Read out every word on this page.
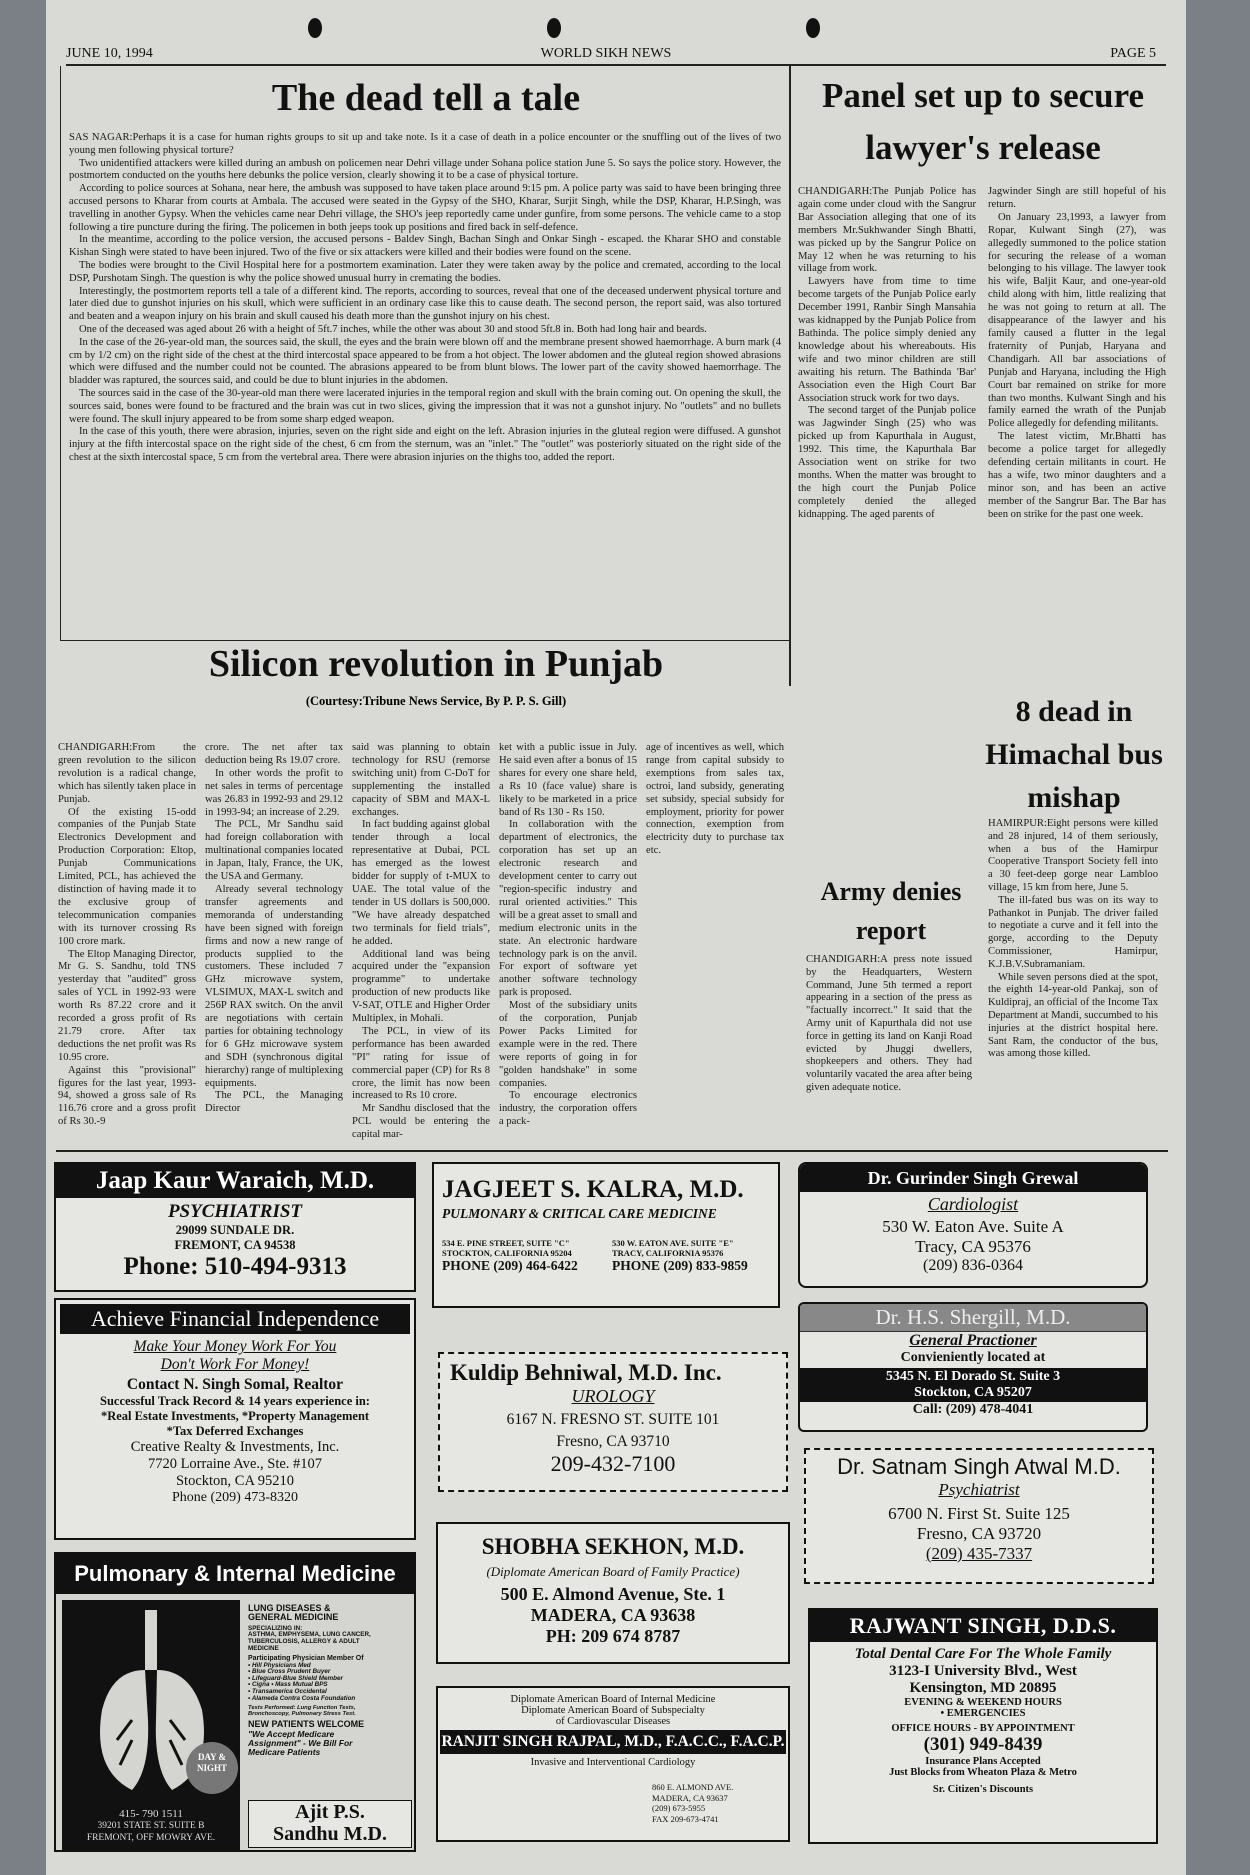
JUNE 10, 1994	WORLD SIKH NEWS	PAGE 5
The dead tell a tale

SAS NAGAR:Perhaps it is a case for human rights groups to sit up and take note. Is it a case of death in a police encounter or the snuffling out of the lives of two young men following physical torture?

Two unidentified attackers were killed during an ambush on policemen near Dehri village under Sohana police station June 5. So says the police story. However, the postmortem conducted on the youths here debunks the police version, clearly showing it to be a case of physical torture.

According to police sources at Sohana, near here, the ambush was supposed to have taken place around 9:15 pm. A police party was said to have been bringing three accused persons to Kharar from courts at Ambala. The accused were seated in the Gypsy of the SHO, Kharar, Surjit Singh, while the DSP, Kharar, H.P.Singh, was travelling in another Gypsy. When the vehicles came near Dehri village, the SHO's jeep reportedly came under gunfire, from some persons. The vehicle came to a stop following a tire puncture during the firing. The policemen in both jeeps took up positions and fired back in self-defence.

In the meantime, according to the police version, the accused persons - Baldev Singh, Bachan Singh and Onkar Singh - escaped. the Kharar SHO and constable Kishan Singh were stated to have been injured. Two of the five or six attackers were killed and their bodies were found on the scene.

The bodies were brought to the Civil Hospital here for a postmortem examination. Later they were taken away by the police and cremated, according to the local DSP, Purshotam Singh. The question is why the police showed unusual hurry in cremating the bodies.

Interestingly, the postmortem reports tell a tale of a different kind. The reports, according to sources, reveal that one of the deceased underwent physical torture and later died due to gunshot injuries on his skull, which were sufficient in an ordinary case like this to cause death. The second person, the report said, was also tortured and beaten and a weapon injury on his brain and skull caused his death more than the gunshot injury on his chest.

One of the deceased was aged about 26 with a height of 5ft.7 inches, while the other was about 30 and stood 5ft.8 in. Both had long hair and beards.

In the case of the 26-year-old man, the sources said, the skull, the eyes and the brain were blown off and the membrane present showed haemorrhage. A burn mark (4 cm by 1/2 cm) on the right side of the chest at the third intercostal space appeared to be from a hot object. The lower abdomen and the gluteal region showed abrasions which were diffused and the number could not be counted. The abrasions appeared to be from blunt blows. The lower part of the cavity showed haemorrhage. The bladder was raptured, the sources said, and could be due to blunt injuries in the abdomen.

The sources said in the case of the 30-year-old man there were lacerated injuries in the temporal region and skull with the brain coming out. On opening the skull, the sources said, bones were found to be fractured and the brain was cut in two slices, giving the impression that it was not a gunshot injury. No "outlets" and no bullets were found. The skull injury appeared to be from some sharp edged weapon.

In the case of this youth, there were abrasion, injuries, seven on the right side and eight on the left. Abrasion injuries in the gluteal region were diffused. A gunshot injury at the fifth intercostal space on the right side of the chest, 6 cm from the sternum, was an "inlet." The "outlet" was posteriorly situated on the right side of the chest at the sixth intercostal space, 5 cm from the vertebral area. There were abrasion injuries on the thighs too, added the report.

Panel set up to secure lawyer's release

CHANDIGARH:The Punjab Police has again come under cloud with the Sangrur Bar Association alleging that one of its members Mr.Sukhwander Singh Bhatti, was picked up by the Sangrur Police on May 12 when he was returning to his village from work.

Lawyers have from time to time become targets of the Punjab Police early December 1991, Ranbir Singh Mansahia was kidnapped by the Punjab Police from Bathinda. The police simply denied any knowledge about his whereabouts. His wife and two minor children are still awaiting his return. The Bathinda 'Bar' Association even the High Court Bar Association struck work for two days.

The second target of the Punjab police was Jagwinder Singh (25) who was picked up from Kapurthala in August, 1992. This time, the Kapurthala Bar Association went on strike for two months. When the matter was brought to the high court the Punjab Police completely denied the alleged kidnapping. The aged parents of

Jagwinder Singh are still hopeful of his return.

On January 23,1993, a lawyer from Ropar, Kulwant Singh (27), was allegedly summoned to the police station for securing the release of a woman belonging to his village. The lawyer took his wife, Baljit Kaur, and one-year-old child along with him, little realizing that he was not going to return at all. The disappearance of the lawyer and his family caused a flutter in the legal fraternity of Punjab, Haryana and Chandigarh. All bar associations of Punjab and Haryana, including the High Court bar remained on strike for more than two months. Kulwant Singh and his family earned the wrath of the Punjab Police allegedly for defending militants.

The latest victim, Mr.Bhatti has become a police target for allegedly defending certain militants in court. He has a wife, two minor daughters and a minor son, and has been an active member of the Sangrur Bar. The Bar has been on strike for the past one week.

Silicon revolution in Punjab
(Courtesy:Tribune News Service, By P. P. S. Gill)

CHANDIGARH:From the green revolution to the silicon revolution is a radical change, which has silently taken place in Punjab.

Of the existing 15-odd companies of the Punjab State Electronics Development and Production Corporation: Eltop, Punjab Communications Limited, PCL, has achieved the distinction of having made it to the exclusive group of telecommunication companies with its turnover crossing Rs 100 crore mark.

The Eltop Managing Director, Mr G. S. Sandhu, told TNS yesterday that "audited" gross sales of YCL in 1992-93 were worth Rs 87.22 crore and it recorded a gross profit of Rs 21.79 crore. After tax deductions the net profit was Rs 10.95 crore.

Against this "provisional" figures for the last year, 1993-94, showed a gross sale of Rs 116.76 crore and a gross profit of Rs 30.-9

crore. The net after tax deduction being Rs 19.07 crore.

In other words the profit to net sales in terms of percentage was 26.83 in 1992-93 and 29.12 in 1993-94; an increase of 2.29.

The PCL, Mr Sandhu said had foreign collaboration with multinational companies located in Japan, Italy, France, the UK, the USA and Germany.

Already several technology transfer agreements and memoranda of understanding have been signed with foreign firms and now a new range of products supplied to the customers. These included 7 GHz microwave system, VLSIMUX, MAX-L switch and 256P RAX switch. On the anvil are negotiations with certain parties for obtaining technology for 6 GHz microwave system and SDH (synchronous digital hierarchy) range of multiplexing equipments.

The PCL, the Managing Director

said was planning to obtain technology for RSU (remorse switching unit) from C-DoT for supplementing the installed capacity of SBM and MAX-L exchanges.

In fact budding against global tender through a local representative at Dubai, PCL has emerged as the lowest bidder for supply of t-MUX to UAE. The total value of the tender in US dollars is 500,000. "We have already despatched two terminals for field trials", he added.

Additional land was being acquired under the "expansion programme" to undertake production of new products like V-SAT, OTLE and Higher Order Multiplex, in Mohali.

The PCL, in view of its performance has been awarded "PI" rating for issue of commercial paper (CP) for Rs 8 crore, the limit has now been increased to Rs 10 crore.

Mr Sandhu disclosed that the PCL would be entering the capital mar-

ket with a public issue in July. He said even after a bonus of 15 shares for every one share held, a Rs 10 (face value) share is likely to be marketed in a price band of Rs 130 - Rs 150.

In collaboration with the department of electronics, the corporation has set up an electronic research and development center to carry out "region-specific industry and rural oriented activities." This will be a great asset to small and medium electronic units in the state. An electronic hardware technology park is on the anvil. For export of software yet another software technology park is proposed.

Most of the subsidiary units of the corporation, Punjab Power Packs Limited for example were in the red. There were reports of going in for "golden handshake" in some companies.

To encourage electronics industry, the corporation offers a pack-

age of incentives as well, which range from capital subsidy to exemptions from sales tax, octroi, land subsidy, generating set subsidy, special subsidy for employment, priority for power connection, exemption from electricity duty to purchase tax etc.

Army denies report

CHANDIGARH:A press note issued by the Headquarters, Western Command, June 5th termed a report appearing in a section of the press as "factually incorrect." It said that the Army unit of Kapurthala did not use force in getting its land on Kanji Road evicted by Jhuggi dwellers, shopkeepers and others. They had voluntarily vacated the area after being given adequate notice.

8 dead in Himachal bus mishap

HAMIRPUR:Eight persons were killed and 28 injured, 14 of them seriously, when a bus of the Hamirpur Cooperative Transport Society fell into a 30 feet-deep gorge near Lambloo village, 15 km from here, June 5.

The ill-fated bus was on its way to Pathankot in Punjab. The driver failed to negotiate a curve and it fell into the gorge, according to the Deputy Commissioner, Hamirpur, K.J.B.V.Subramaniam.

While seven persons died at the spot, the eighth 14-year-old Pankaj, son of Kuldipraj, an official of the Income Tax Department at Mandi, succumbed to his injuries at the district hospital here. Sant Ram, the conductor of the bus, was among those killed.

Jaap Kaur Waraich, M.D.
PSYCHIATRIST
29099 SUNDALE DR.
FREMONT, CA 94538
Phone: 510-494-9313
JAGJEET S. KALRA, M.D.
PULMONARY & CRITICAL CARE MEDICINE
534 E. PINE STREET, SUITE "C"
STOCKTON, CALIFORNIA 95204
PHONE (209) 464-6422
530 W. EATON AVE. SUITE "E"
TRACY, CALIFORNIA 95376
PHONE (209) 833-9859
Dr. Gurinder Singh Grewal
Cardiologist
530 W. Eaton Ave. Suite A
Tracy, CA 95376
(209) 836-0364
Achieve Financial Independence
Make Your Money Work For You
Don't Work For Money!
Contact N. Singh Somal, Realtor
Successful Track Record & 14 years experience in:
*Real Estate Investments, *Property Management
*Tax Deferred Exchanges
Creative Realty & Investments, Inc.
7720 Lorraine Ave., Ste. #107
Stockton, CA 95210
Phone (209) 473-8320
Kuldip Behniwal, M.D. Inc.
UROLOGY
6167 N. FRESNO ST. SUITE 101
Fresno, CA 93710
209-432-7100
Dr. H.S. Shergill, M.D.
General Practioner
Convieniently located at
5345 N. El Dorado St. Suite 3
Stockton, CA 95207
Call: (209) 478-4041
Dr. Satnam Singh Atwal M.D.
Psychiatrist
6700 N. First St. Suite 125
Fresno, CA 93720
(209) 435-7337
Pulmonary & Internal Medicine
DAY &
NIGHT
LUNG DISEASES &
GENERAL MEDICINE
SPECIALIZING IN:
ASTHMA, EMPHYSEMA, LUNG CANCER,
TUBERCULOSIS, ALLERGY & ADULT
MEDICINE
Participating Physician Member Of
• Hill Physicians Med
• Blue Cross Prudent Buyer
• Lifeguard-Blue Shield Member
• Cigna • Mass Mutual BPS
• Transamerica Occidental
• Alameda Contra Costa Foundation
Tests Performed: Lung Function Tests,
Bronchoscopy, Pulmonary Stress Test.
NEW PATIENTS WELCOME
"We Accept Medicare
Assignment" - We Bill For
Medicare Patients
415- 790 1511
39201 STATE ST. SUITE B
FREMONT, OFF MOWRY AVE.
Ajit P.S.
Sandhu M.D.
SHOBHA SEKHON, M.D.
(Diplomate American Board of Family Practice)
500 E. Almond Avenue, Ste. 1
MADERA, CA 93638
PH: 209 674 8787
Diplomate American Board of Internal Medicine
Diplomate American Board of Subspecialty
of Cardiovascular Diseases
RANJIT SINGH RAJPAL, M.D., F.A.C.C., F.A.C.P.
Invasive and Interventional Cardiology
860 E. ALMOND AVE.
MADERA, CA 93637
(209) 673-5955
FAX 209-673-4741
RAJWANT SINGH, D.D.S.
Total Dental Care For The Whole Family
3123-I University Blvd., West
Kensington, MD 20895
EVENING & WEEKEND HOURS
• EMERGENCIES
OFFICE HOURS - BY APPOINTMENT
(301) 949-8439
Insurance Plans Accepted
Just Blocks from Wheaton Plaza & Metro
Sr. Citizen's Discounts
